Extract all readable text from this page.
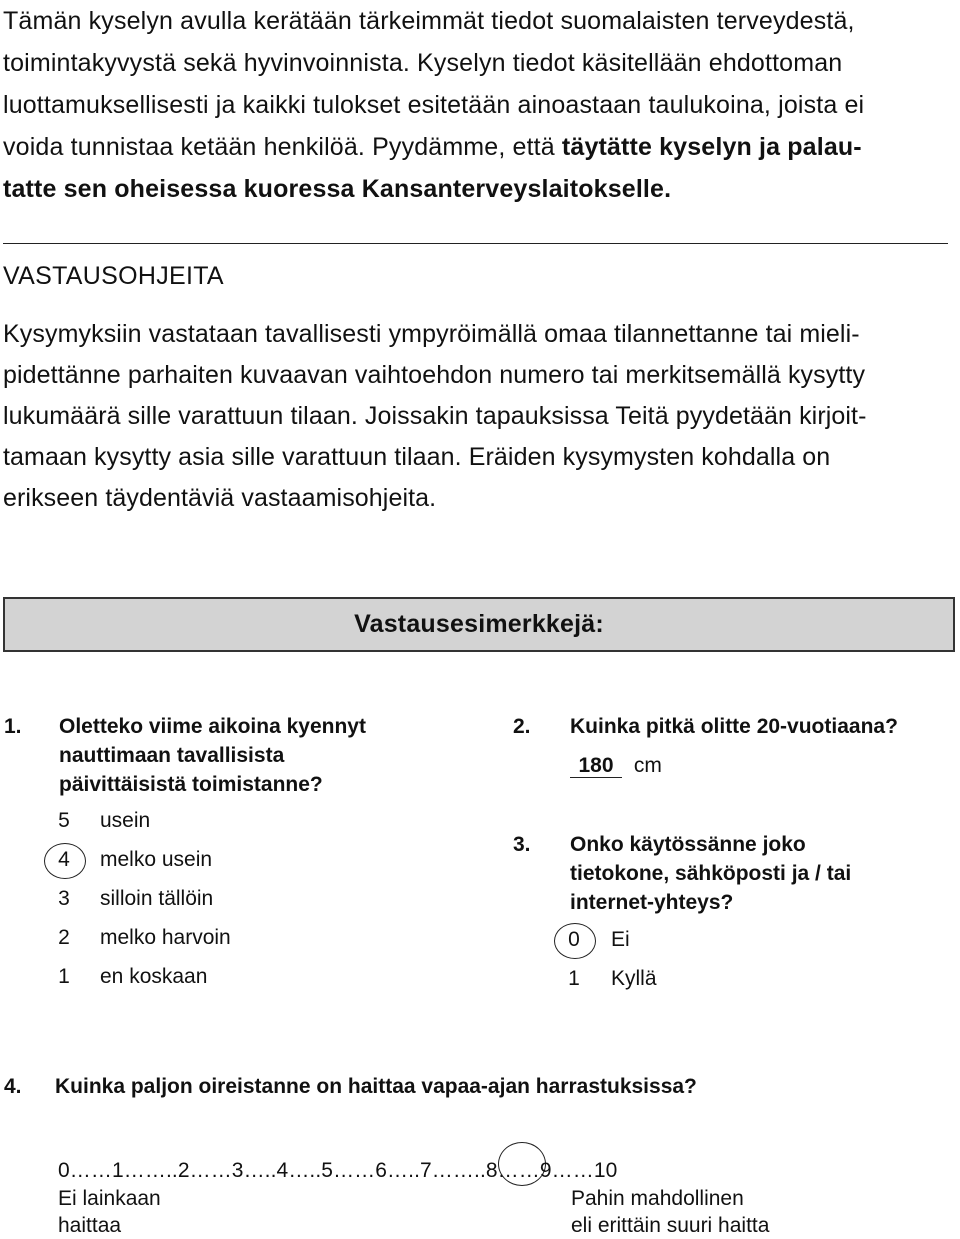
Tämän kyselyn avulla kerätään tärkeimmät tiedot suomalaisten terveydestä,
toimintakyvystä sekä hyvinvoinnista. Kyselyn tiedot käsitellään ehdottoman
luottamuksellisesti ja kaikki tulokset esitetään ainoastaan taulukoina, joista ei
voida tunnistaa ketään henkilöä. Pyydämme, että täytätte kyselyn ja palau-
tatte sen oheisessa kuoressa Kansanterveyslaitokselle.
VASTAUSOHJEITA
Kysymyksiin vastataan tavallisesti ympyröimällä omaa tilannettanne tai mieli-
pidettänne parhaiten kuvaavan vaihtoehdon numero tai merkitsemällä kysytty
lukumäärä sille varattuun tilaan. Joissakin tapauksissa Teitä pyydetään kirjoit-
tamaan kysytty asia sille varattuun tilaan. Eräiden kysymysten kohdalla on
erikseen täydentäviä vastaamisohjeita.
Vastausesimerkkejä:
1. Oletteko viime aikoina kyennyt
nauttimaan tavallisista
päivittäisistä toimistanne?
5 usein
4 melko usein
3 silloin tällöin
2 melko harvoin
1 en koskaan
2. Kuinka pitkä olitte 20-vuotiaana?
180 cm
3. Onko käytössänne joko
tietokone, sähköposti ja / tai
internet-yhteys?
0 Ei
1 Kyllä
4. Kuinka paljon oireistanne on haittaa vapaa-ajan harrastuksissa?
0……1……..2……3…..4…..5……6…..7……..8……9……10
Ei lainkaan
haittaa
Pahin mahdollinen
eli erittäin suuri haitta
